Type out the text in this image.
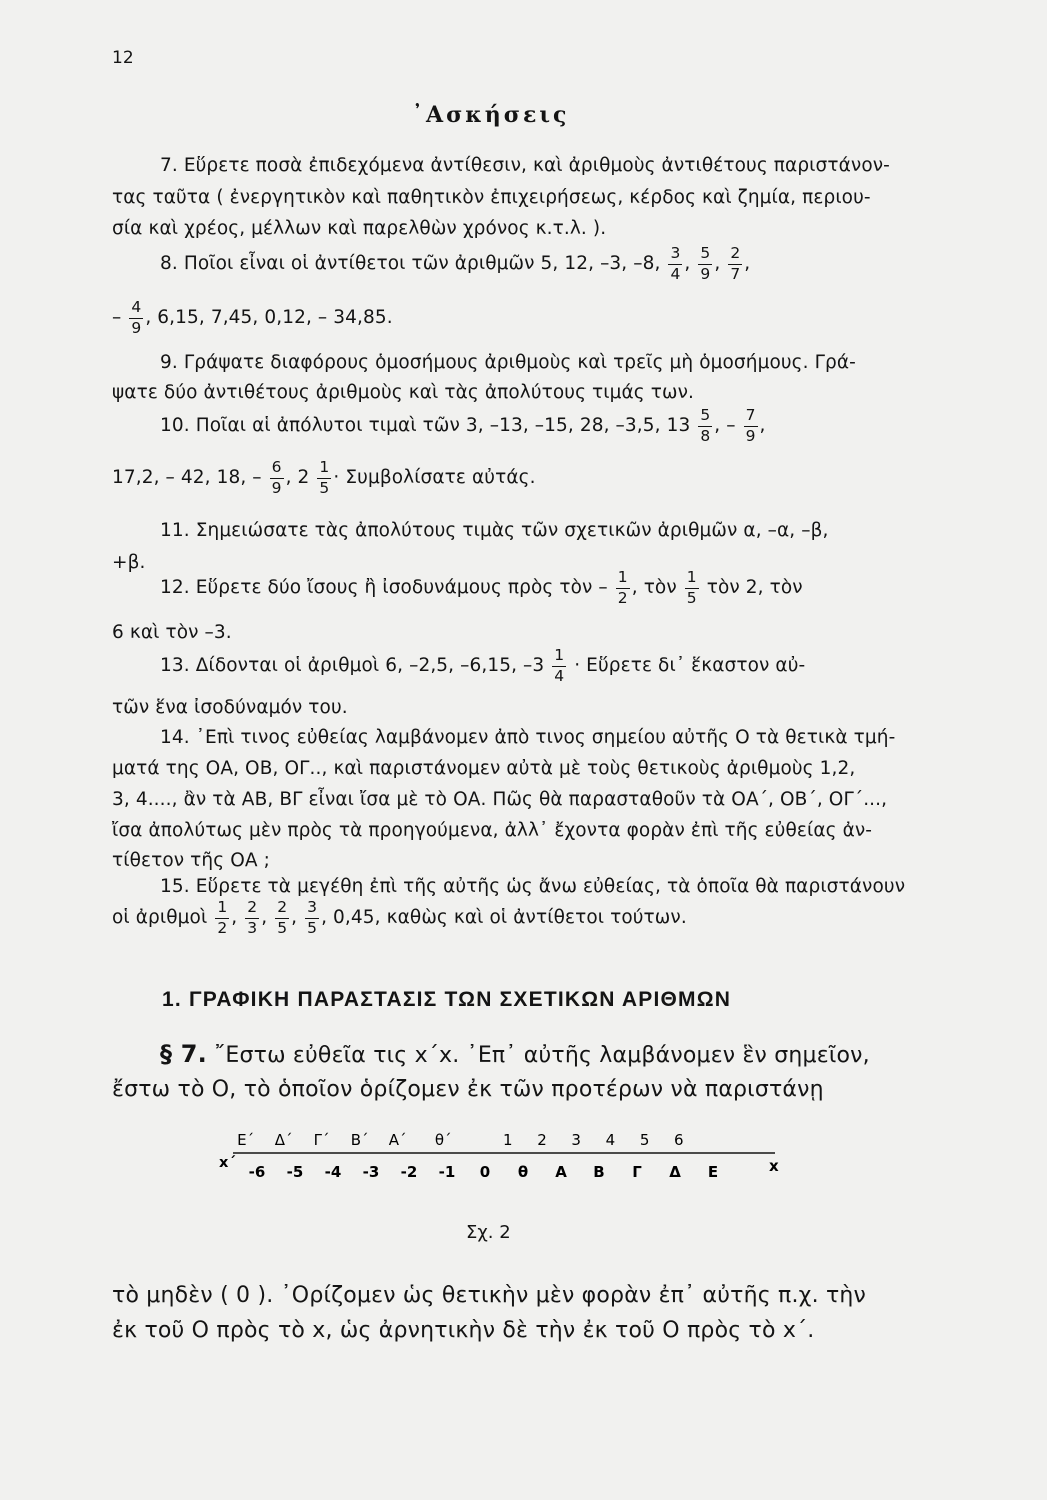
12
᾿Ασκήσεις
7. Εὕρετε ποσὰ ἐπιδεχόμενα ἀντίθεσιν, καὶ ἀριθμοὺς ἀντιθέτους παριστάνον-
τας ταῦτα ( ἐνεργητικὸν καὶ παθητικὸν ἐπιχειρήσεως, κέρδος καὶ ζημία, περιου-
σία καὶ χρέος, μέλλων καὶ παρελθὼν χρόνος κ.τ.λ. ).
8. Ποῖοι εἶναι οἱ ἀντίθετοι τῶν ἀριθμῶν 5, 12, –3, –8, $\frac{3}{4}$ , $\frac{5}{9}$ , $\frac{2}{7}$ ,
– $\frac{4}{9}$ , 6,15, 7,45, 0,12, – 34,85.
9. Γράψατε διαφόρους ὁμοσήμους ἀριθμοὺς καὶ τρεῖς μὴ ὁμοσήμους. Γρά-
ψατε δύο ἀντιθέτους ἀριθμοὺς καὶ τὰς ἀπολύτους τιμάς των.
10. Ποῖαι αἱ ἀπόλυτοι τιμαὶ τῶν 3, –13, –15, 28, –3,5, $13 \frac{5}{8}$ , – $\frac{7}{9}$ ,
17,2, – 42, 18, – $\frac{6}{9}$ , $2 \frac{1}{5} \cdot \Sigma\upsilon\mu\beta o\lambda ί\sigma\alpha\tau\varepsilon$ αὐτάς.
11. Σημειώσατε τὰς ἀπολύτους τιμὰς τῶν σχετικῶν ἀριθμῶν α, –α, –β,
+β.
12. Εὕρετε δύο ἴσους ἢ ἰσοδυνάμους πρὸς τὸν – $\frac{1}{2}$ , τὸν $\frac{1}{5}$ τὸν 2, τὸν
6 καὶ τὸν –3.
13. Δίδονται οἱ ἀριθμοὶ 6, –2,5, –6,15, $-3 \frac{1}{4}$ · Εὕρετε δι᾿ ἕκαστον αὐ-
τῶν ἕνα ἰσοδύναμόν του.
14. ᾿Επὶ τινος εὐθείας λαμβάνομεν ἀπὸ τινος σημείου αὐτῆς Ο τὰ θετικὰ τμή-
ματά της ΟΑ, ΟΒ, ΟΓ.., καὶ παριστάνομεν αὐτὰ μὲ τοὺς θετικοὺς ἀριθμοὺς 1,2,
3, 4...., ἂν τὰ ΑΒ, ΒΓ εἶναι ἴσα μὲ τὸ ΟΑ. Πῶς θὰ παρασταθοῦν τὰ ΟΑ΄, ΟΒ΄, ΟΓ΄...,
ἴσα ἀπολύτως μὲν πρὸς τὰ προηγούμενα, ἀλλ᾿ ἔχοντα φορὰν ἐπὶ τῆς εὐθείας ἀν-
τίθετον τῆς ΟΑ ;
15. Εὕρετε τὰ μεγέθη ἐπὶ τῆς αὐτῆς ὡς ἄνω εὐθείας, τὰ ὁποῖα θὰ παριστάνουν
οἱ ἀριθμοὶ $\frac{1}{2}$ , $\frac{2}{3}$ , $\frac{2}{5}$ , $\frac{3}{5}$ , 0,45, καθὼς καὶ οἱ ἀντίθετοι τούτων.
1. ΓΡΑΦΙΚΗ ΠΑΡΑΣΤΑΣΙΣ ΤΩΝ ΣΧΕΤΙΚΩΝ ΑΡΙΘΜΩΝ
§ 7. ῎Εστω εὐθεῖα τις x΄x. ᾿Επ᾿ αὐτῆς λαμβάνομεν ἓν σημεῖον,
ἔστω τὸ Ο, τὸ ὁποῖον ὁρίζομεν ἐκ τῶν προτέρων νὰ παριστάνῃ
Ε΄ Δ΄ Γ΄ Β΄ Α΄ θ΄	1 2 3 4 5 6
-6 -5 -4 -3 -2 -1 0 θ Α Β Γ Δ Ε
x΄	x
Σχ. 2
τὸ μηδὲν ( 0 ). ᾿Ορίζομεν ὡς θετικὴν μὲν φορὰν ἐπ᾿ αὐτῆς π.χ. τὴν
ἐκ τοῦ Ο πρὸς τὸ x, ὡς ἀρνητικὴν δὲ τὴν ἐκ τοῦ Ο πρὸς τὸ x΄.
